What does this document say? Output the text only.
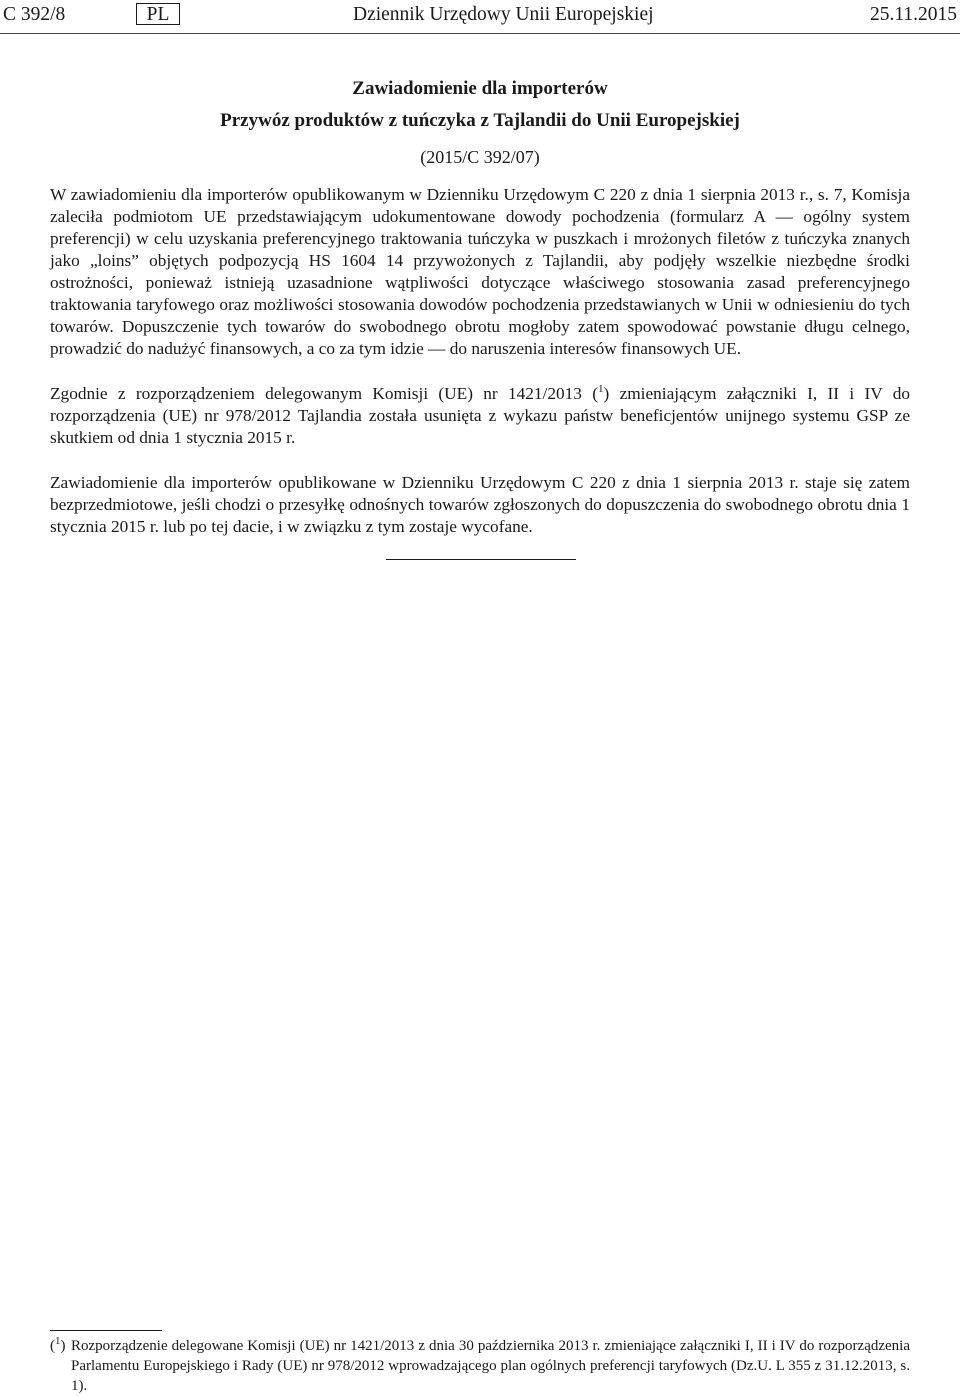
C 392/8	PL	Dziennik Urzędowy Unii Europejskiej	25.11.2015
Zawiadomienie dla importerów
Przywóz produktów z tuńczyka z Tajlandii do Unii Europejskiej
(2015/C 392/07)

W zawiadomieniu dla importerów opublikowanym w Dzienniku Urzędowym C 220 z dnia 1 sierpnia 2013 r., s. 7, Komisja zaleciła podmiotom UE przedstawiającym udokumentowane dowody pochodzenia (formularz A — ogólny system preferencji) w celu uzyskania preferencyjnego traktowania tuńczyka w puszkach i mrożonych filetów z tuńczyka znanych jako „loins” objętych podpozycją HS 1604 14 przywożonych z Tajlandii, aby podjęły wszelkie niezbędne środki ostrożności, ponieważ istnieją uzasadnione wątpliwości dotyczące właściwego stosowania zasad preferencyjnego traktowania taryfowego oraz możliwości stosowania dowodów pochodzenia przedstawianych w Unii w odniesieniu do tych towarów. Dopuszczenie tych towarów do swobodnego obrotu mogłoby zatem spowodować powstanie długu celnego, prowadzić do nadużyć finansowych, a co za tym idzie — do naruszenia interesów finansowych UE.

Zgodnie z rozporządzeniem delegowanym Komisji (UE) nr 1421/2013 ($^1$) zmieniającym załączniki I, II i IV do rozporządzenia (UE) nr 978/2012 Tajlandia została usunięta z wykazu państw beneficjentów unijnego systemu GSP ze skutkiem od dnia 1 stycznia 2015 r.

Zawiadomienie dla importerów opublikowane w Dzienniku Urzędowym C 220 z dnia 1 sierpnia 2013 r. staje się zatem bezprzedmiotowe, jeśli chodzi o przesyłkę odnośnych towarów zgłoszonych do dopuszczenia do swobodnego obrotu dnia 1 stycznia 2015 r. lub po tej dacie, i w związku z tym zostaje wycofane.

($^1$) Rozporządzenie delegowane Komisji (UE) nr 1421/2013 z dnia 30 października 2013 r. zmieniające załączniki I, II i IV do rozporządzenia Parlamentu Europejskiego i Rady (UE) nr 978/2012 wprowadzającego plan ogólnych preferencji taryfowych (Dz.U. L 355 z 31.12.2013, s. 1).
